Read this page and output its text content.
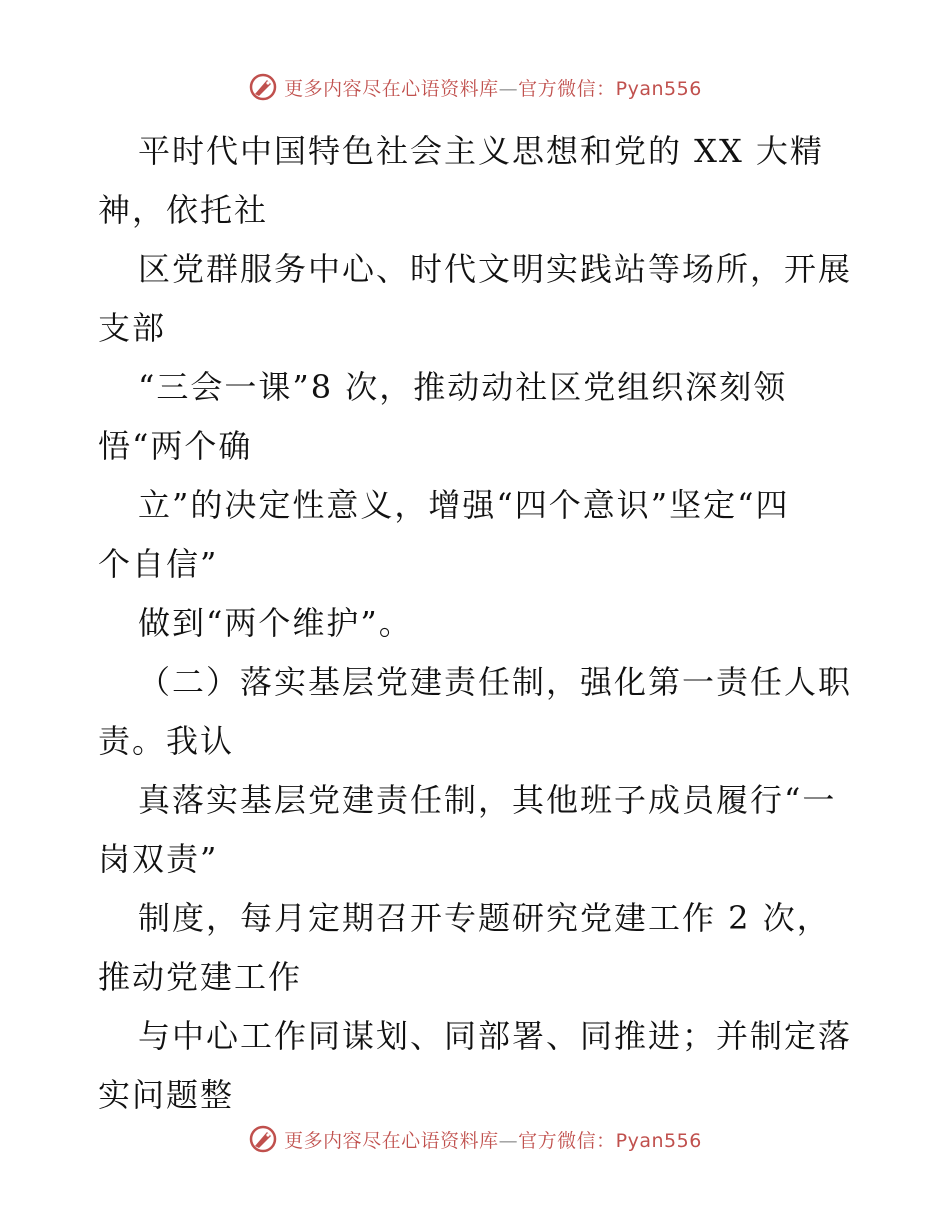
更多内容尽在心语资料库—官方微信：Pyan556
平时代中国特色社会主义思想和党的 XX 大精
神，依托社
区党群服务中心、时代文明实践站等场所，开展
支部
“三会一课”8 次，推动动社区党组织深刻领
悟“两个确
立”的决定性意义，增强“四个意识”坚定“四
个自信”
做到“两个维护”。
（二）落实基层党建责任制，强化第一责任人职
责。我认
真落实基层党建责任制，其他班子成员履行“一
岗双责”
制度，每月定期召开专题研究党建工作 2 次，
推动党建工作
与中心工作同谋划、同部署、同推进；并制定落
实问题整
更多内容尽在心语资料库—官方微信：Pyan556
